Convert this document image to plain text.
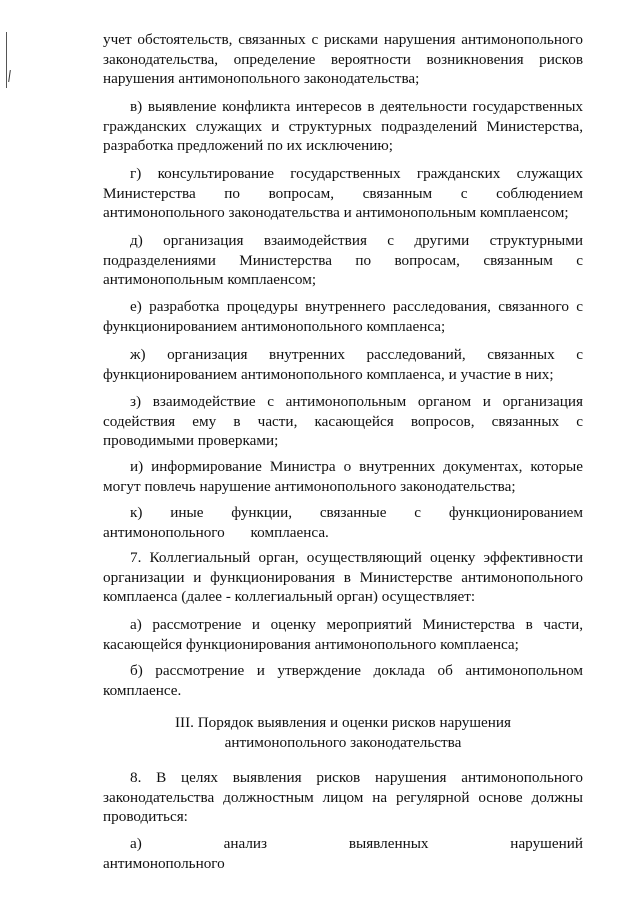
учет обстоятельств, связанных с рисками нарушения антимонопольного законодательства, определение вероятности возникновения рисков нарушения антимонопольного законодательства;

в) выявление конфликта интересов в деятельности государственных гражданских служащих и структурных подразделений Министерства, разработка предложений по их исключению;

г) консультирование государственных гражданских служащих Министерства по вопросам, связанным с соблюдением антимонопольного законодательства и антимонопольным комплаенсом;

д) организация взаимодействия с другими структурными подразделениями Министерства по вопросам, связанным с антимонопольным комплаенсом;

е) разработка процедуры внутреннего расследования, связанного с функционированием антимонопольного комплаенса;

ж) организация внутренних расследований, связанных с функционированием антимонопольного комплаенса, и участие в них;

з) взаимодействие с антимонопольным органом и организация содействия ему в части, касающейся вопросов, связанных с проводимыми проверками;

и) информирование Министра о внутренних документах, которые могут повлечь нарушение антимонопольного законодательства;

к) иные функции, связанные с функционированием антимонопольного комплаенса.

7. Коллегиальный орган, осуществляющий оценку эффективности организации и функционирования в Министерстве антимонопольного комплаенса (далее - коллегиальный орган) осуществляет:

а) рассмотрение и оценку мероприятий Министерства в части, касающейся функционирования антимонопольного комплаенса;

б) рассмотрение и утверждение доклада об антимонопольном комплаенсе.

III. Порядок выявления и оценки рисков нарушения антимонопольного законодательства

8. В целях выявления рисков нарушения антимонопольного законодательства должностным лицом на регулярной основе должны проводиться:

а) анализ выявленных нарушений антимонопольного
